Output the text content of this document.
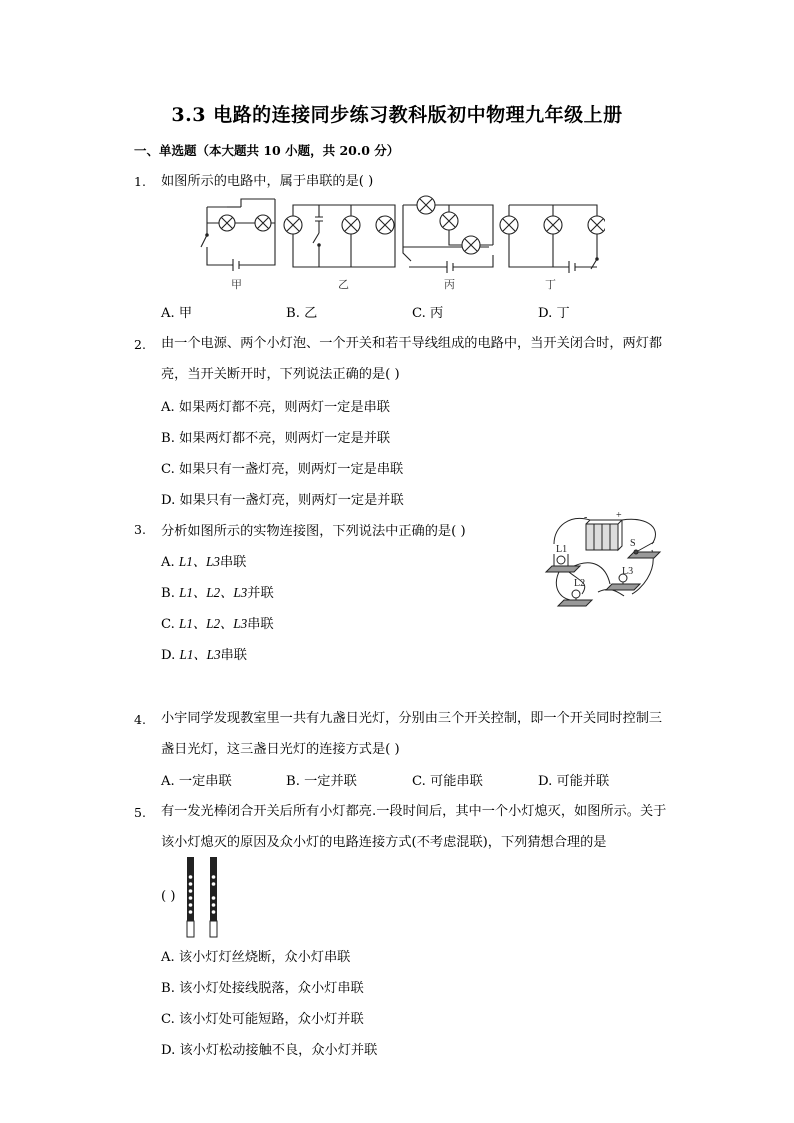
3.3 电路的连接同步练习教科版初中物理九年级上册
一、单选题（本大题共 10 小题，共 20.0 分）
1. 如图所示的电路中，属于串联的是( )
甲	乙	丙	丁
A. 甲	B. 乙	C. 丙	D. 丁
2. 由一个电源、两个小灯泡、一个开关和若干导线组成的电路中，当开关闭合时，两灯都亮，当开关断开时，下列说法正确的是( )
A. 如果两灯都不亮，则两灯一定是串联
B. 如果两灯都不亮，则两灯一定是并联
C. 如果只有一盏灯亮，则两灯一定是串联
D. 如果只有一盏灯亮，则两灯一定是并联
3. 分析如图所示的实物连接图，下列说法中正确的是( )
A. L1、L3串联
B. L1、L2、L3并联
C. L1、L2、L3串联
D. L1、L3串联
L1
S
L3
L2
-	+
4. 小宇同学发现教室里一共有九盏日光灯，分别由三个开关控制，即一个开关同时控制三盏日光灯，这三盏日光灯的连接方式是( )
A. 一定串联	B. 一定并联	C. 可能串联	D. 可能并联
5. 有一发光棒闭合开关后所有小灯都亮.一段时间后，其中一个小灯熄灭，如图所示。关于该小灯熄灭的原因及众小灯的电路连接方式(不考虑混联)，下列猜想合理的是
( )
A. 该小灯灯丝烧断，众小灯串联
B. 该小灯处接线脱落，众小灯串联
C. 该小灯处可能短路，众小灯并联
D. 该小灯松动接触不良，众小灯并联
